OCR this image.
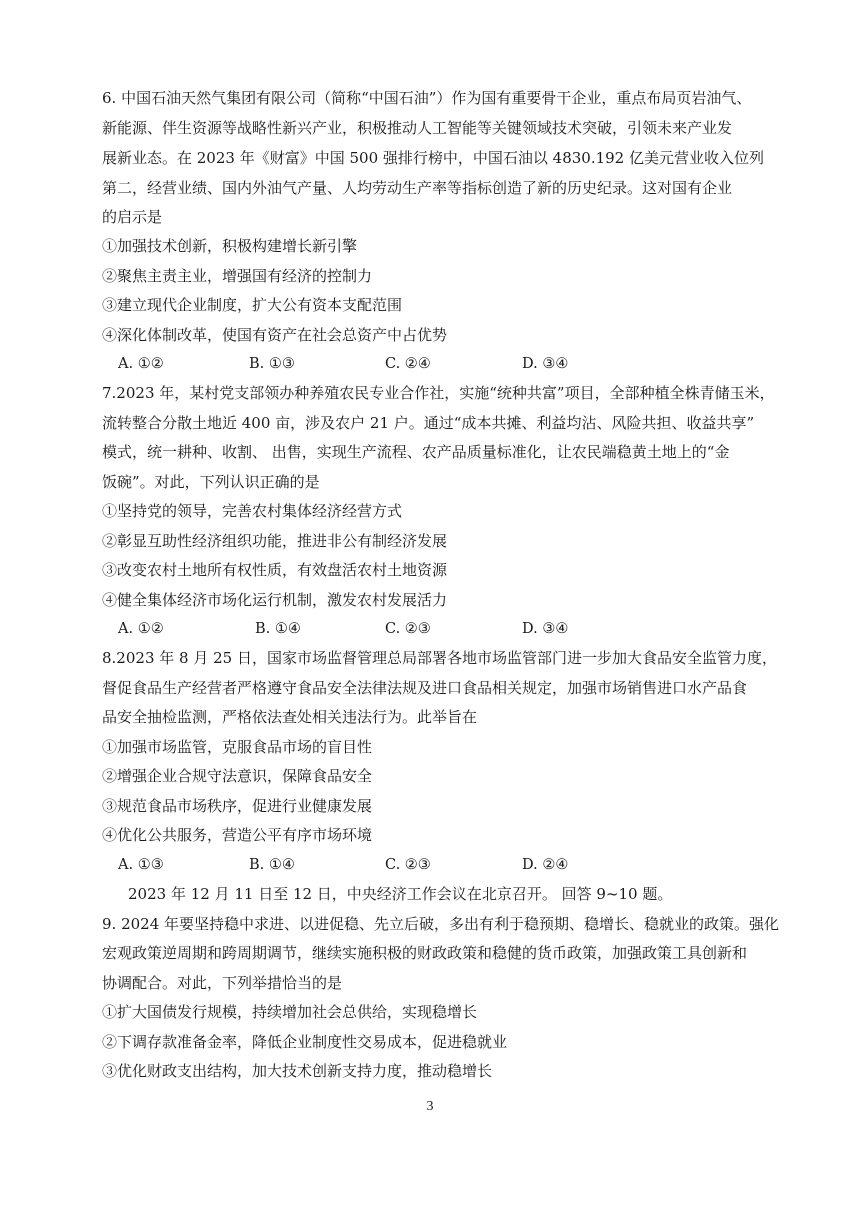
6. 中国石油天然气集团有限公司（简称“中国石油”）作为国有重要骨干企业，重点布局页岩油气、
新能源、伴生资源等战略性新兴产业，积极推动人工智能等关键领域技术突破，引领未来产业发
展新业态。在 2023 年《财富》中国 500 强排行榜中，中国石油以 4830.192 亿美元营业收入位列
第二，经营业绩、国内外油气产量、人均劳动生产率等指标创造了新的历史纪录。这对国有企业
的启示是
①加强技术创新，积极构建增长新引擎
②聚焦主责主业，增强国有经济的控制力
③建立现代企业制度，扩大公有资本支配范围
④深化体制改革，使国有资产在社会总资产中占优势
A. ①②	B. ①③	C. ②④	D. ③④
7.2023 年，某村党支部领办种养殖农民专业合作社，实施“统种共富”项目，全部种植全株青储玉米，
流转整合分散土地近 400 亩，涉及农户 21 户。通过“成本共摊、利益均沾、风险共担、收益共享”
模式，统一耕种、收割、 出售，实现生产流程、农产品质量标准化，让农民端稳黄土地上的“金
饭碗”。对此，下列认识正确的是
①坚持党的领导，完善农村集体经济经营方式
②彰显互助性经济组织功能，推进非公有制经济发展
③改变农村土地所有权性质，有效盘活农村土地资源
④健全集体经济市场化运行机制，激发农村发展活力
A. ①②	B. ①④	C. ②③	D. ③④
8.2023 年 8 月 25 日，国家市场监督管理总局部署各地市场监管部门进一步加大食品安全监管力度，
督促食品生产经营者严格遵守食品安全法律法规及进口食品相关规定，加强市场销售进口水产品食
品安全抽检监测，严格依法查处相关违法行为。此举旨在
①加强市场监管，克服食品市场的盲目性
②增强企业合规守法意识，保障食品安全
③规范食品市场秩序，促进行业健康发展
④优化公共服务，营造公平有序市场环境
A. ①③	B. ①④	C. ②③	D. ②④
2023 年 12 月 11 日至 12 日，中央经济工作会议在北京召开。 回答 9~10 题。
9. 2024 年要坚持稳中求进、以进促稳、先立后破，多出有利于稳预期、稳增长、稳就业的政策。强化
宏观政策逆周期和跨周期调节，继续实施积极的财政政策和稳健的货币政策，加强政策工具创新和
协调配合。对此，下列举措恰当的是
①扩大国债发行规模，持续增加社会总供给，实现稳增长
②下调存款准备金率，降低企业制度性交易成本，促进稳就业
③优化财政支出结构，加大技术创新支持力度，推动稳增长
3
